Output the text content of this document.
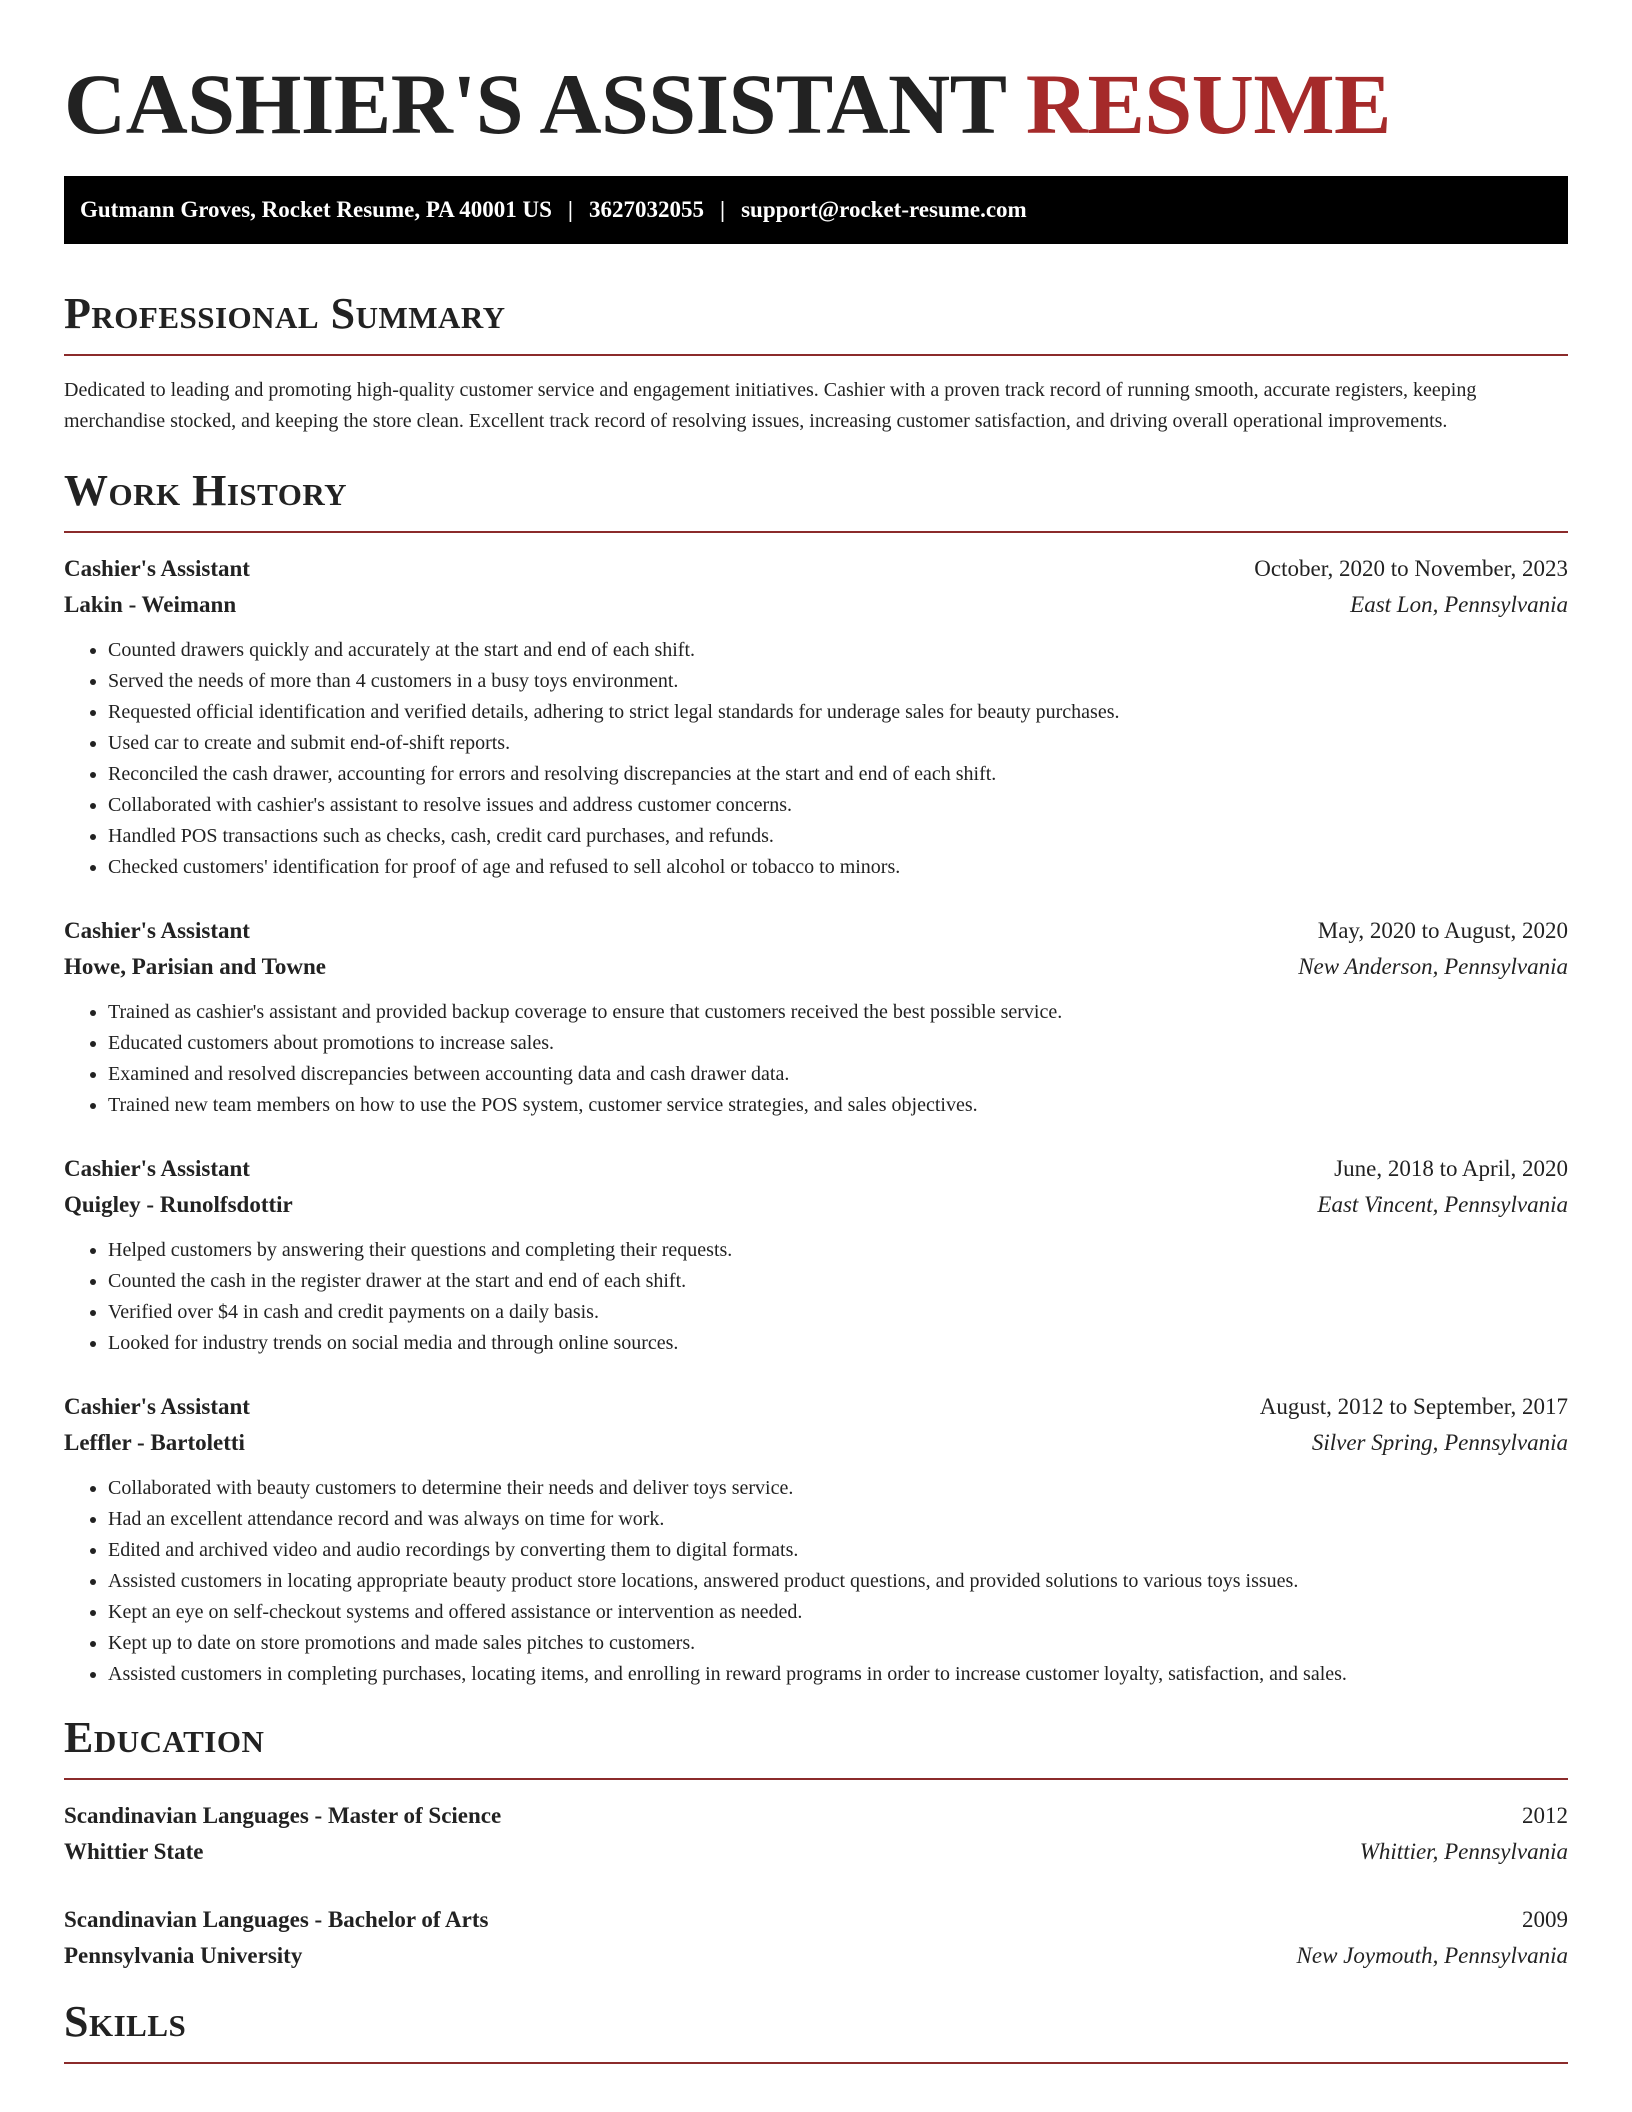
CASHIER'S ASSISTANT RESUME
Gutmann Groves, Rocket Resume, PA 40001 US | 3627032055 | support@rocket-resume.com
Professional Summary

Dedicated to leading and promoting high-quality customer service and engagement initiatives. Cashier with a proven track record of running smooth, accurate registers, keeping merchandise stocked, and keeping the store clean. Excellent track record of resolving issues, increasing customer satisfaction, and driving overall operational improvements.

Work History
Cashier's Assistant	October, 2020 to November, 2023
Lakin - Weimann	East Lon, Pennsylvania
• Counted drawers quickly and accurately at the start and end of each shift.
• Served the needs of more than 4 customers in a busy toys environment.
• Requested official identification and verified details, adhering to strict legal standards for underage sales for beauty purchases.
• Used car to create and submit end-of-shift reports.
• Reconciled the cash drawer, accounting for errors and resolving discrepancies at the start and end of each shift.
• Collaborated with cashier's assistant to resolve issues and address customer concerns.
• Handled POS transactions such as checks, cash, credit card purchases, and refunds.
• Checked customers' identification for proof of age and refused to sell alcohol or tobacco to minors.
Cashier's Assistant	May, 2020 to August, 2020
Howe, Parisian and Towne	New Anderson, Pennsylvania
• Trained as cashier's assistant and provided backup coverage to ensure that customers received the best possible service.
• Educated customers about promotions to increase sales.
• Examined and resolved discrepancies between accounting data and cash drawer data.
• Trained new team members on how to use the POS system, customer service strategies, and sales objectives.
Cashier's Assistant	June, 2018 to April, 2020
Quigley - Runolfsdottir	East Vincent, Pennsylvania
• Helped customers by answering their questions and completing their requests.
• Counted the cash in the register drawer at the start and end of each shift.
• Verified over $4 in cash and credit payments on a daily basis.
• Looked for industry trends on social media and through online sources.
Cashier's Assistant	August, 2012 to September, 2017
Leffler - Bartoletti	Silver Spring, Pennsylvania
• Collaborated with beauty customers to determine their needs and deliver toys service.
• Had an excellent attendance record and was always on time for work.
• Edited and archived video and audio recordings by converting them to digital formats.
• Assisted customers in locating appropriate beauty product store locations, answered product questions, and provided solutions to various toys issues.
• Kept an eye on self-checkout systems and offered assistance or intervention as needed.
• Kept up to date on store promotions and made sales pitches to customers.
• Assisted customers in completing purchases, locating items, and enrolling in reward programs in order to increase customer loyalty, satisfaction, and sales.
Education
Scandinavian Languages - Master of Science	2012
Whittier State	Whittier, Pennsylvania
Scandinavian Languages - Bachelor of Arts	2009
Pennsylvania University	New Joymouth, Pennsylvania
Skills
